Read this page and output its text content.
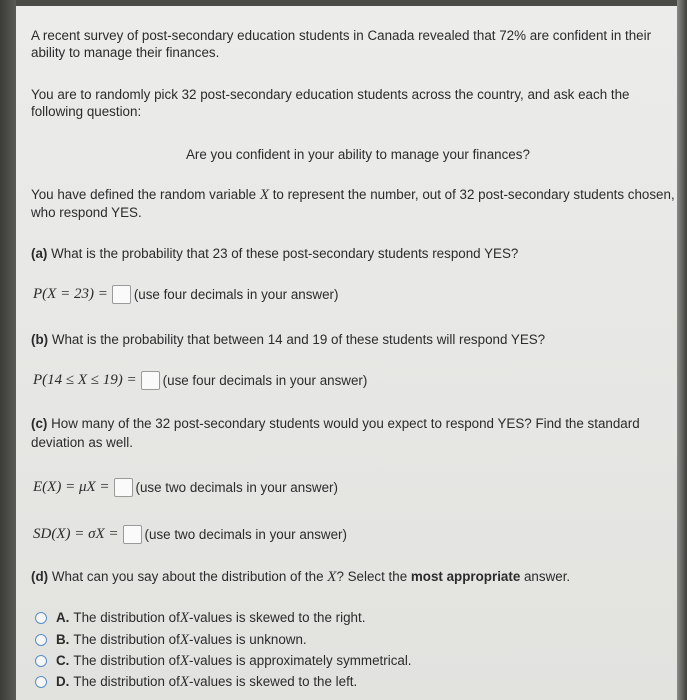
A recent survey of post-secondary education students in Canada revealed that 72% are confident in their

ability to manage their finances.

You are to randomly pick 32 post-secondary education students across the country, and ask each the

following question:

Are you confident in your ability to manage your finances?

You have defined the random variable X to represent the number, out of 32 post-secondary students chosen,

who respond YES.

(a) What is the probability that 23 of these post-secondary students respond YES?

P(X = 23) = (use four decimals in your answer)

(b) What is the probability that between 14 and 19 of these students will respond YES?

P(14 ≤ X ≤ 19) = (use four decimals in your answer)

(c) How many of the 32 post-secondary students would you expect to respond YES? Find the standard

deviation as well.

E(X) = μX = (use two decimals in your answer)
SD(X) = σX = (use two decimals in your answer)

(d) What can you say about the distribution of the X? Select the most appropriate answer.

A. The distribution of X -values is skewed to the right.
B. The distribution of X -values is unknown.
C. The distribution of X -values is approximately symmetrical.
D. The distribution of X -values is skewed to the left.
